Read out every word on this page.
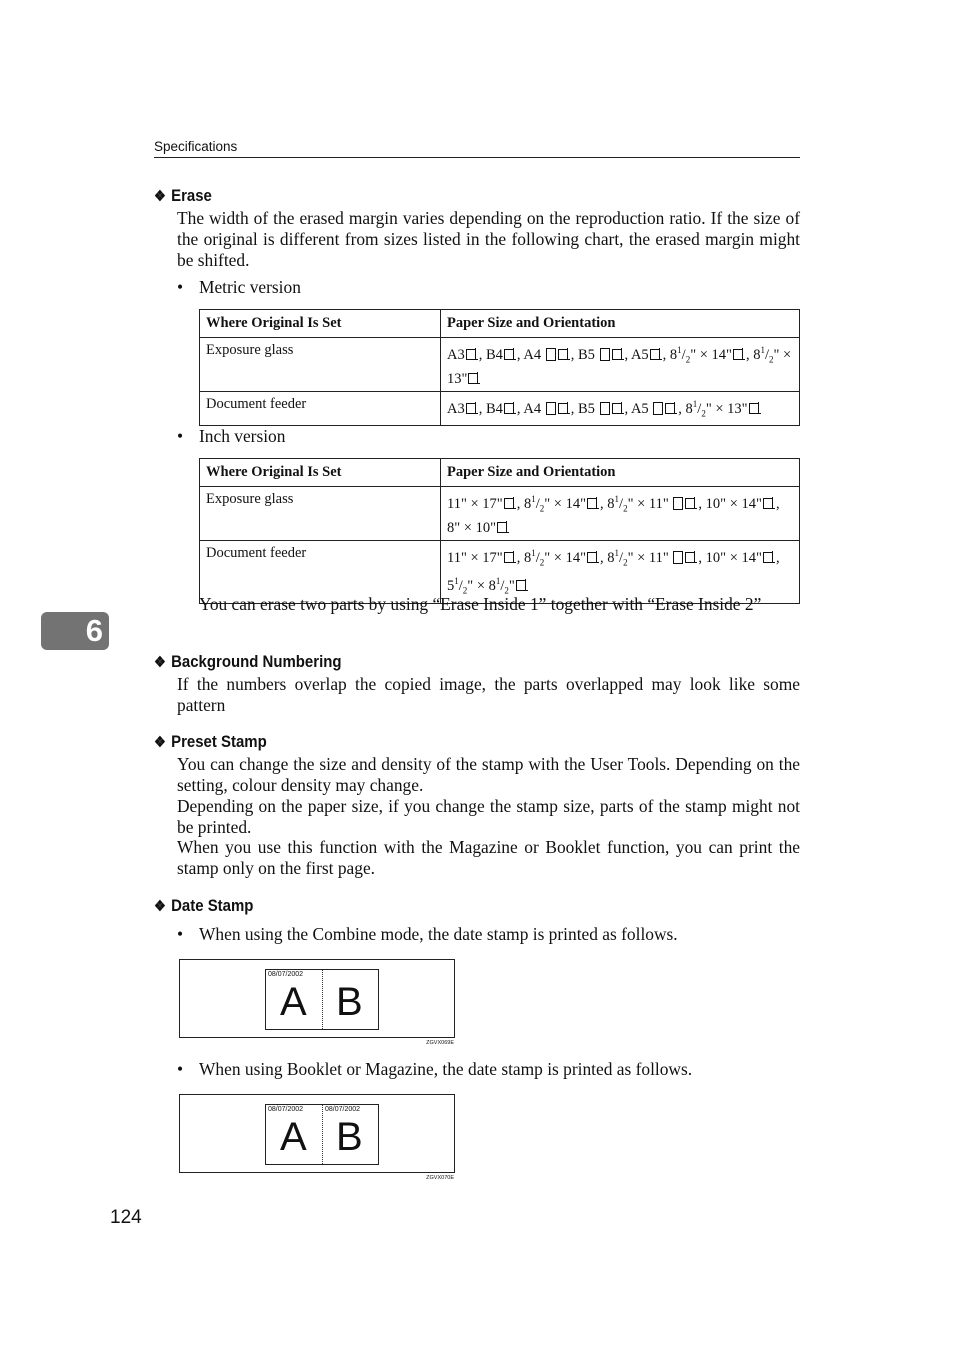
Specifications
6
❖ Erase
The width of the erased margin varies depending on the reproduction ratio. If the size of the original is different from sizes listed in the following chart, the erased margin might be shifted.
• Metric version
Where Original Is Set	Paper Size and Orientation
Exposure glass	A3 , B4 , A4 , B5 , A5 , $8^1/_2$" × 14" , $8^1/_2$" × 13"
Document feeder	A3 , B4 , A4 , B5 , A5 , $8^1/_2$" × 13"
• Inch version
Where Original Is Set	Paper Size and Orientation
Exposure glass	11" × 17" , $8^1/_2$" × 14" , $8^1/_2$" × 11" , 10" × 14" , 8" × 10"
Document feeder	11" × 17" , $8^1/_2$" × 14" , $8^1/_2$" × 11" , 10" × 14" , $5^1/_2$" × $8^1/_2$"
You can erase two parts by using “Erase Inside 1” together with “Erase Inside 2”
❖ Background Numbering
If the numbers overlap the copied image, the parts overlapped may look like some pattern
❖ Preset Stamp
You can change the size and density of the stamp with the User Tools. Depending on the setting, colour density may change.
Depending on the paper size, if you change the stamp size, parts of the stamp might not be printed.
When you use this function with the Magazine or Booklet function, you can print the stamp only on the first page.
❖ Date Stamp
• When using the Combine mode, the date stamp is printed as follows.
08/07/2002
A B
ZGVX069E
• When using Booklet or Magazine, the date stamp is printed as follows.
08/07/2002	08/07/2002
A B
ZGVX070E
124
